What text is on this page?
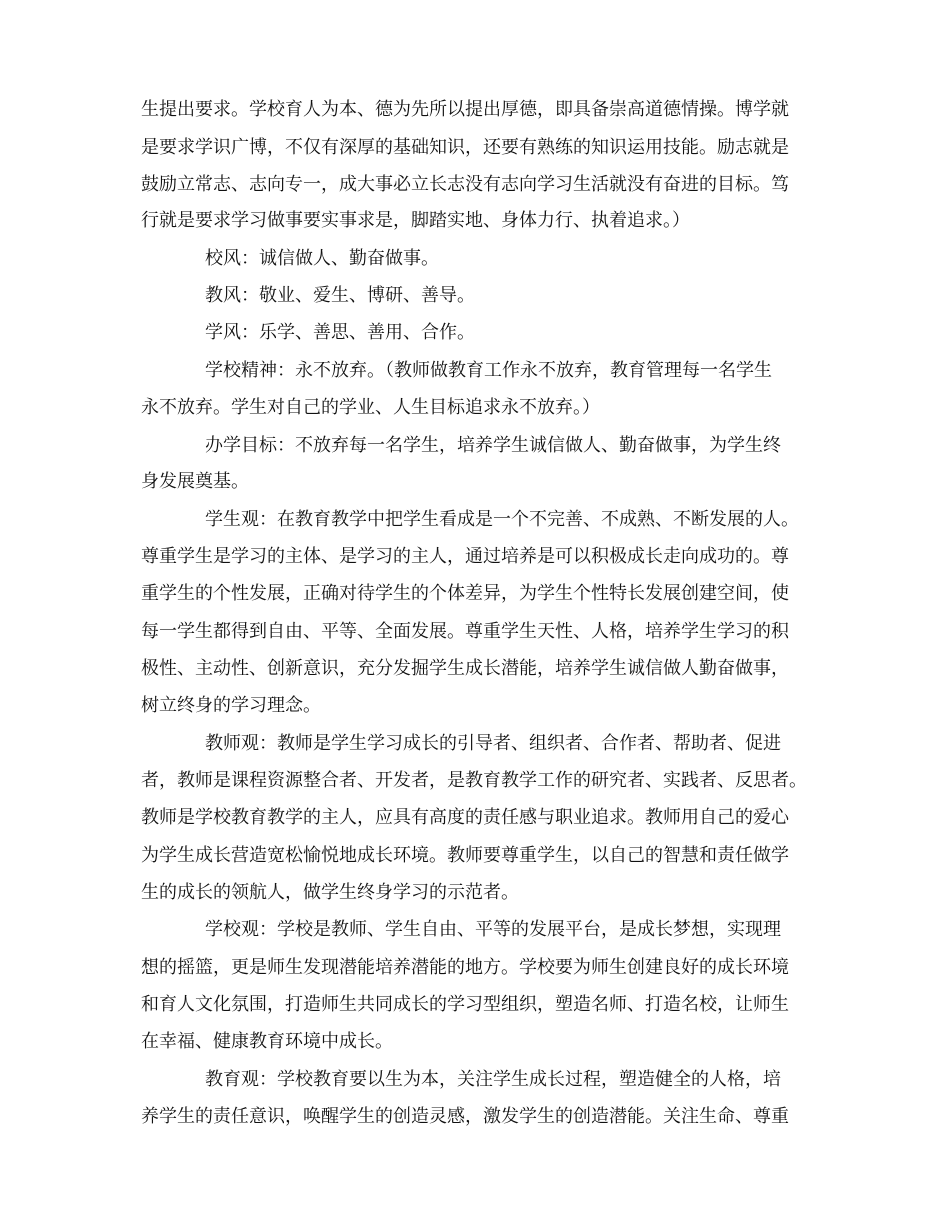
生提出要求。学校育人为本、德为先所以提出厚德，即具备崇高道德情操。博学就
是要求学识广博，不仅有深厚的基础知识，还要有熟练的知识运用技能。励志就是
鼓励立常志、志向专一，成大事必立长志没有志向学习生活就没有奋进的目标。笃
行就是要求学习做事要实事求是，脚踏实地、身体力行、执着追求。）
校风：诚信做人、勤奋做事。
教风：敬业、爱生、博研、善导。
学风：乐学、善思、善用、合作。
学校精神：永不放弃。（教师做教育工作永不放弃，教育管理每一名学生
永不放弃。学生对自己的学业、人生目标追求永不放弃。）
办学目标：不放弃每一名学生，培养学生诚信做人、勤奋做事，为学生终
身发展奠基。
学生观：在教育教学中把学生看成是一个不完善、不成熟、不断发展的人。
尊重学生是学习的主体、是学习的主人，通过培养是可以积极成长走向成功的。尊
重学生的个性发展，正确对待学生的个体差异，为学生个性特长发展创建空间，使
每一学生都得到自由、平等、全面发展。尊重学生天性、人格，培养学生学习的积
极性、主动性、创新意识，充分发掘学生成长潜能，培养学生诚信做人勤奋做事，
树立终身的学习理念。
教师观：教师是学生学习成长的引导者、组织者、合作者、帮助者、促进
者，教师是课程资源整合者、开发者，是教育教学工作的研究者、实践者、反思者。
教师是学校教育教学的主人，应具有高度的责任感与职业追求。教师用自己的爱心
为学生成长营造宽松愉悦地成长环境。教师要尊重学生，以自己的智慧和责任做学
生的成长的领航人，做学生终身学习的示范者。
学校观：学校是教师、学生自由、平等的发展平台，是成长梦想，实现理
想的摇篮，更是师生发现潜能培养潜能的地方。学校要为师生创建良好的成长环境
和育人文化氛围，打造师生共同成长的学习型组织，塑造名师、打造名校，让师生
在幸福、健康教育环境中成长。
教育观：学校教育要以生为本，关注学生成长过程，塑造健全的人格，培
养学生的责任意识，唤醒学生的创造灵感，激发学生的创造潜能。关注生命、尊重
